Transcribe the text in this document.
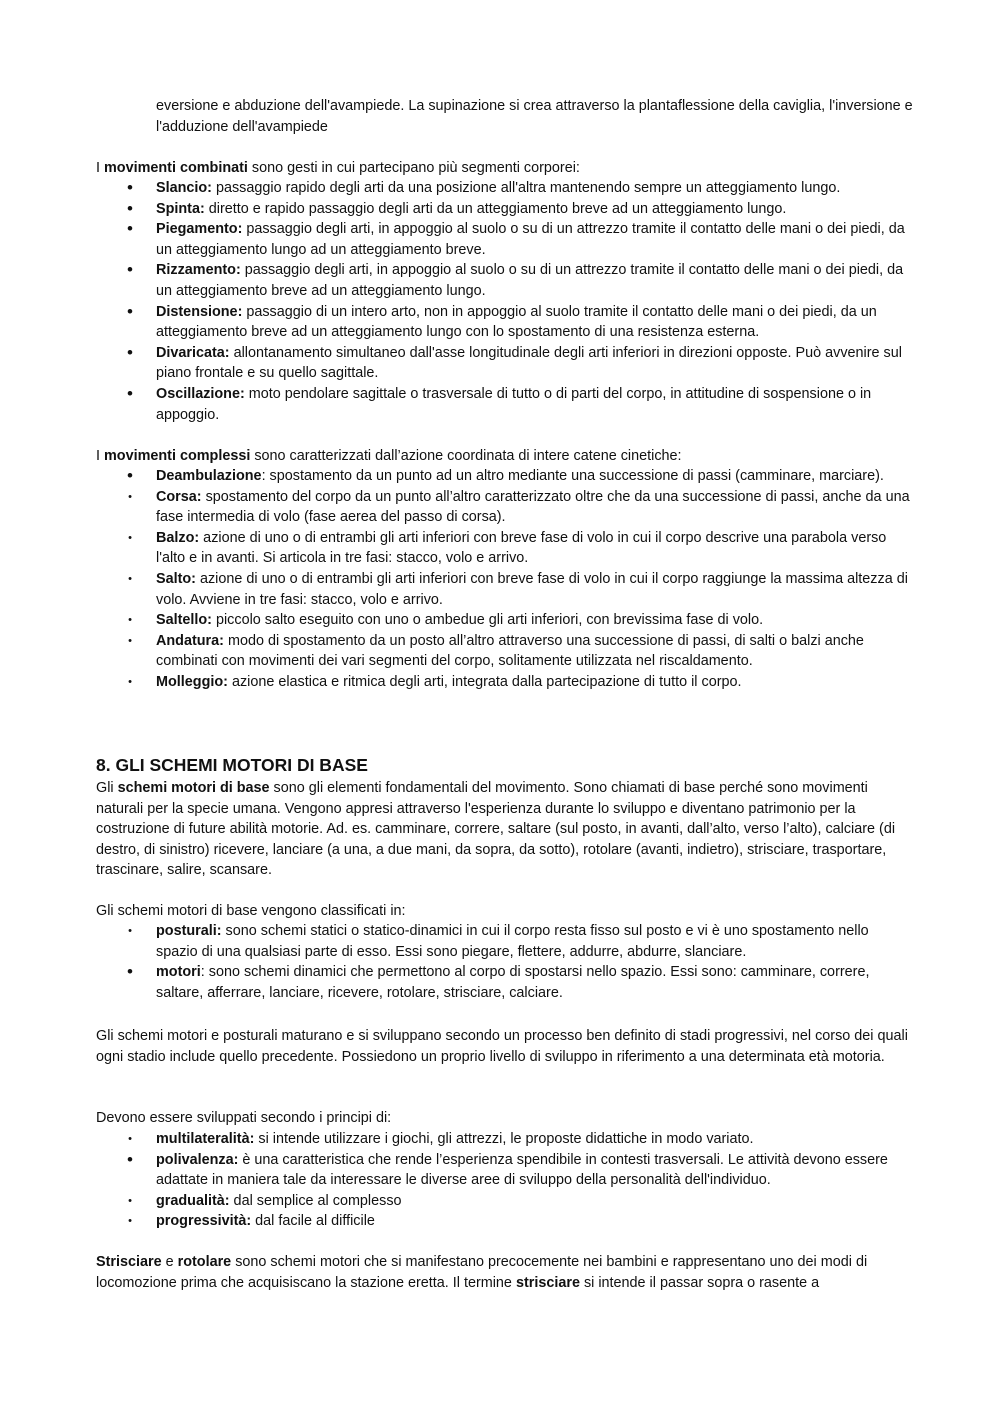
eversione e abduzione dell'avampiede. La supinazione si crea attraverso la plantaflessione della caviglia, l'inversione e l'adduzione dell'avampiede
I movimenti combinati sono gesti in cui partecipano più segmenti corporei:
• Slancio: passaggio rapido degli arti da una posizione all'altra mantenendo sempre un atteggiamento lungo.
• Spinta: diretto e rapido passaggio degli arti da un atteggiamento breve ad un atteggiamento lungo.
• Piegamento: passaggio degli arti, in appoggio al suolo o su di un attrezzo tramite il contatto delle mani o dei piedi, da un atteggiamento lungo ad un atteggiamento breve.
• Rizzamento: passaggio degli arti, in appoggio al suolo o su di un attrezzo tramite il contatto delle mani o dei piedi, da un atteggiamento breve ad un atteggiamento lungo.
• Distensione: passaggio di un intero arto, non in appoggio al suolo tramite il contatto delle mani o dei piedi, da un atteggiamento breve ad un atteggiamento lungo con lo spostamento di una resistenza esterna.
• Divaricata: allontanamento simultaneo dall'asse longitudinale degli arti inferiori in direzioni opposte. Può avvenire sul piano frontale e su quello sagittale.
• Oscillazione: moto pendolare sagittale o trasversale di tutto o di parti del corpo, in attitudine di sospensione o in appoggio.
I movimenti complessi sono caratterizzati dall’azione coordinata di intere catene cinetiche:
• Deambulazione: spostamento da un punto ad un altro mediante una successione di passi (camminare, marciare).
• Corsa: spostamento del corpo da un punto all’altro caratterizzato oltre che da una successione di passi, anche da una fase intermedia di volo (fase aerea del passo di corsa).
• Balzo: azione di uno o di entrambi gli arti inferiori con breve fase di volo in cui il corpo descrive una parabola verso l'alto e in avanti. Si articola in tre fasi: stacco, volo e arrivo.
• Salto: azione di uno o di entrambi gli arti inferiori con breve fase di volo in cui il corpo raggiunge la massima altezza di volo. Avviene in tre fasi: stacco, volo e arrivo.
• Saltello: piccolo salto eseguito con uno o ambedue gli arti inferiori, con brevissima fase di volo.
• Andatura: modo di spostamento da un posto all’altro attraverso una successione di passi, di salti o balzi anche combinati con movimenti dei vari segmenti del corpo, solitamente utilizzata nel riscaldamento.
• Molleggio: azione elastica e ritmica degli arti, integrata dalla partecipazione di tutto il corpo.
8. GLI SCHEMI MOTORI DI BASE
Gli schemi motori di base sono gli elementi fondamentali del movimento. Sono chiamati di base perché sono movimenti naturali per la specie umana. Vengono appresi attraverso l'esperienza durante lo sviluppo e diventano patrimonio per la costruzione di future abilità motorie. Ad. es. camminare, correre, saltare (sul posto, in avanti, dall’alto, verso l’alto), calciare (di destro, di sinistro) ricevere, lanciare (a una, a due mani, da sopra, da sotto), rotolare (avanti, indietro), strisciare, trasportare, trascinare, salire, scansare.
Gli schemi motori di base vengono classificati in:
• posturali: sono schemi statici o statico-dinamici in cui il corpo resta fisso sul posto e vi è uno spostamento nello spazio di una qualsiasi parte di esso. Essi sono piegare, flettere, addurre, abdurre, slanciare.
• motori: sono schemi dinamici che permettono al corpo di spostarsi nello spazio. Essi sono: camminare, correre, saltare, afferrare, lanciare, ricevere, rotolare, strisciare, calciare.
Gli schemi motori e posturali maturano e si sviluppano secondo un processo ben definito di stadi progressivi, nel corso dei quali ogni stadio include quello precedente. Possiedono un proprio livello di sviluppo in riferimento a una determinata età motoria.
Devono essere sviluppati secondo i principi di:
• multilateralità: si intende utilizzare i giochi, gli attrezzi, le proposte didattiche in modo variato.
• polivalenza: è una caratteristica che rende l’esperienza spendibile in contesti trasversali. Le attività devono essere adattate in maniera tale da interessare le diverse aree di sviluppo della personalità dell'individuo.
• gradualità: dal semplice al complesso
• progressività: dal facile al difficile
Strisciare e rotolare sono schemi motori che si manifestano precocemente nei bambini e rappresentano uno dei modi di locomozione prima che acquisiscano la stazione eretta. Il termine strisciare si intende il passar sopra o rasente a
